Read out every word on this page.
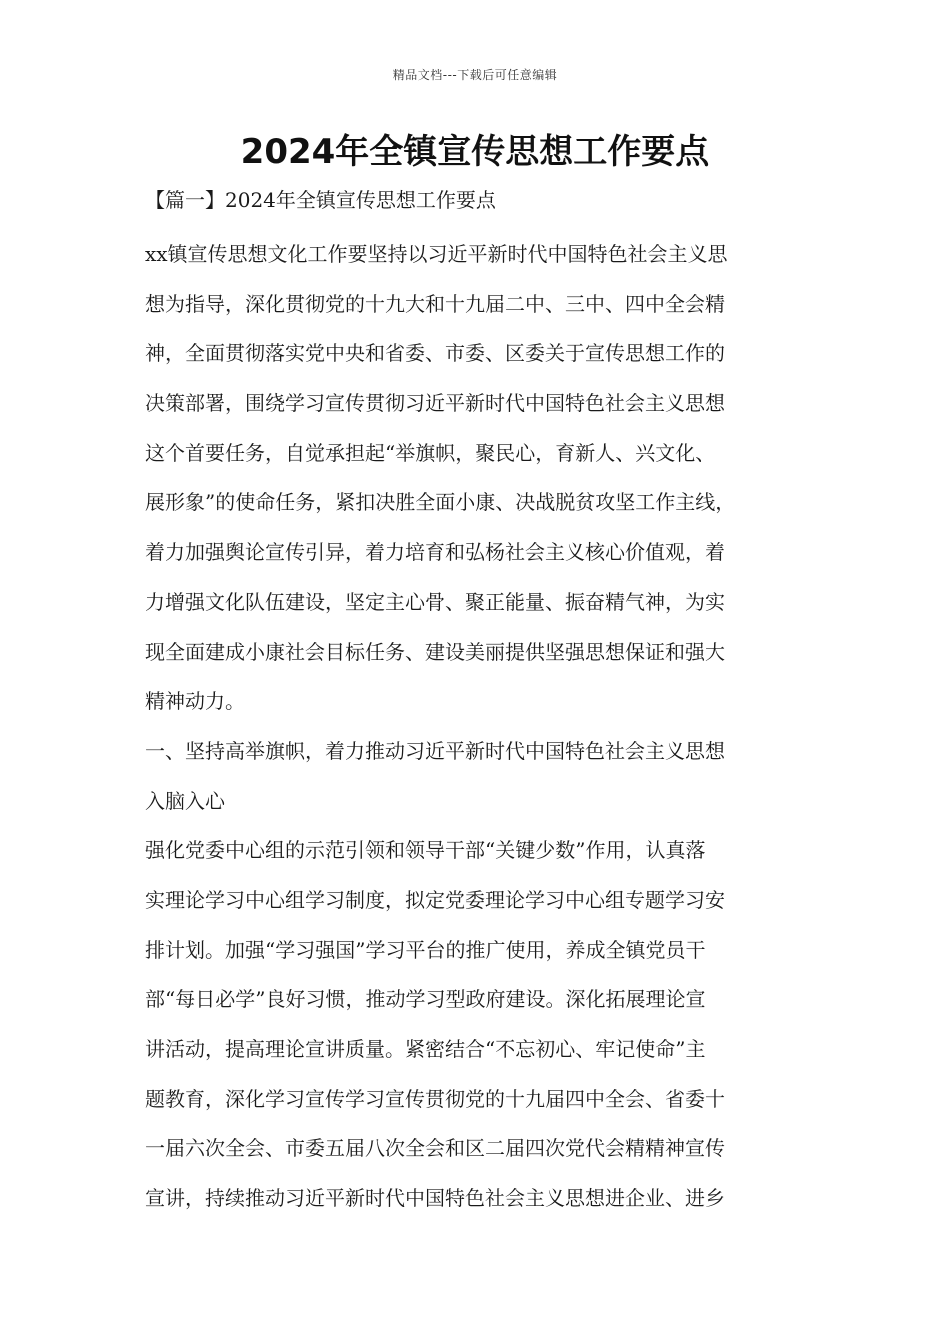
精品文档---下载后可任意编辑
2024年全镇宣传思想工作要点
【篇一】2024年全镇宣传思想工作要点
xx镇宣传思想文化工作要坚持以习近平新时代中国特色社会主义思
想为指导，深化贯彻党的十九大和十九届二中、三中、四中全会精
神，全面贯彻落实党中央和省委、市委、区委关于宣传思想工作的
决策部署，围绕学习宣传贯彻习近平新时代中国特色社会主义思想
这个首要任务，自觉承担起“举旗帜，聚民心，育新人、兴文化、
展形象”的使命任务，紧扣决胜全面小康、决战脱贫攻坚工作主线，
着力加强舆论宣传引异，着力培育和弘杨社会主义核心价值观，着
力增强文化队伍建设，坚定主心骨、聚正能量、振奋精气神，为实
现全面建成小康社会目标任务、建设美丽提供坚强思想保证和强大
精神动力。
一、坚持高举旗帜，着力推动习近平新时代中国特色社会主义思想
入脑入心
强化党委中心组的示范引领和领导干部“关键少数”作用，认真落
实理论学习中心组学习制度，拟定党委理论学习中心组专题学习安
排计划。加强“学习强国”学习平台的推广使用，养成全镇党员干
部“每日必学”良好习惯，推动学习型政府建设。深化拓展理论宣
讲活动，提高理论宣讲质量。紧密结合“不忘初心、牢记使命”主
题教育，深化学习宣传学习宣传贯彻党的十九届四中全会、省委十
一届六次全会、市委五届八次全会和区二届四次党代会精精神宣传
宣讲，持续推动习近平新时代中国特色社会主义思想进企业、进乡
